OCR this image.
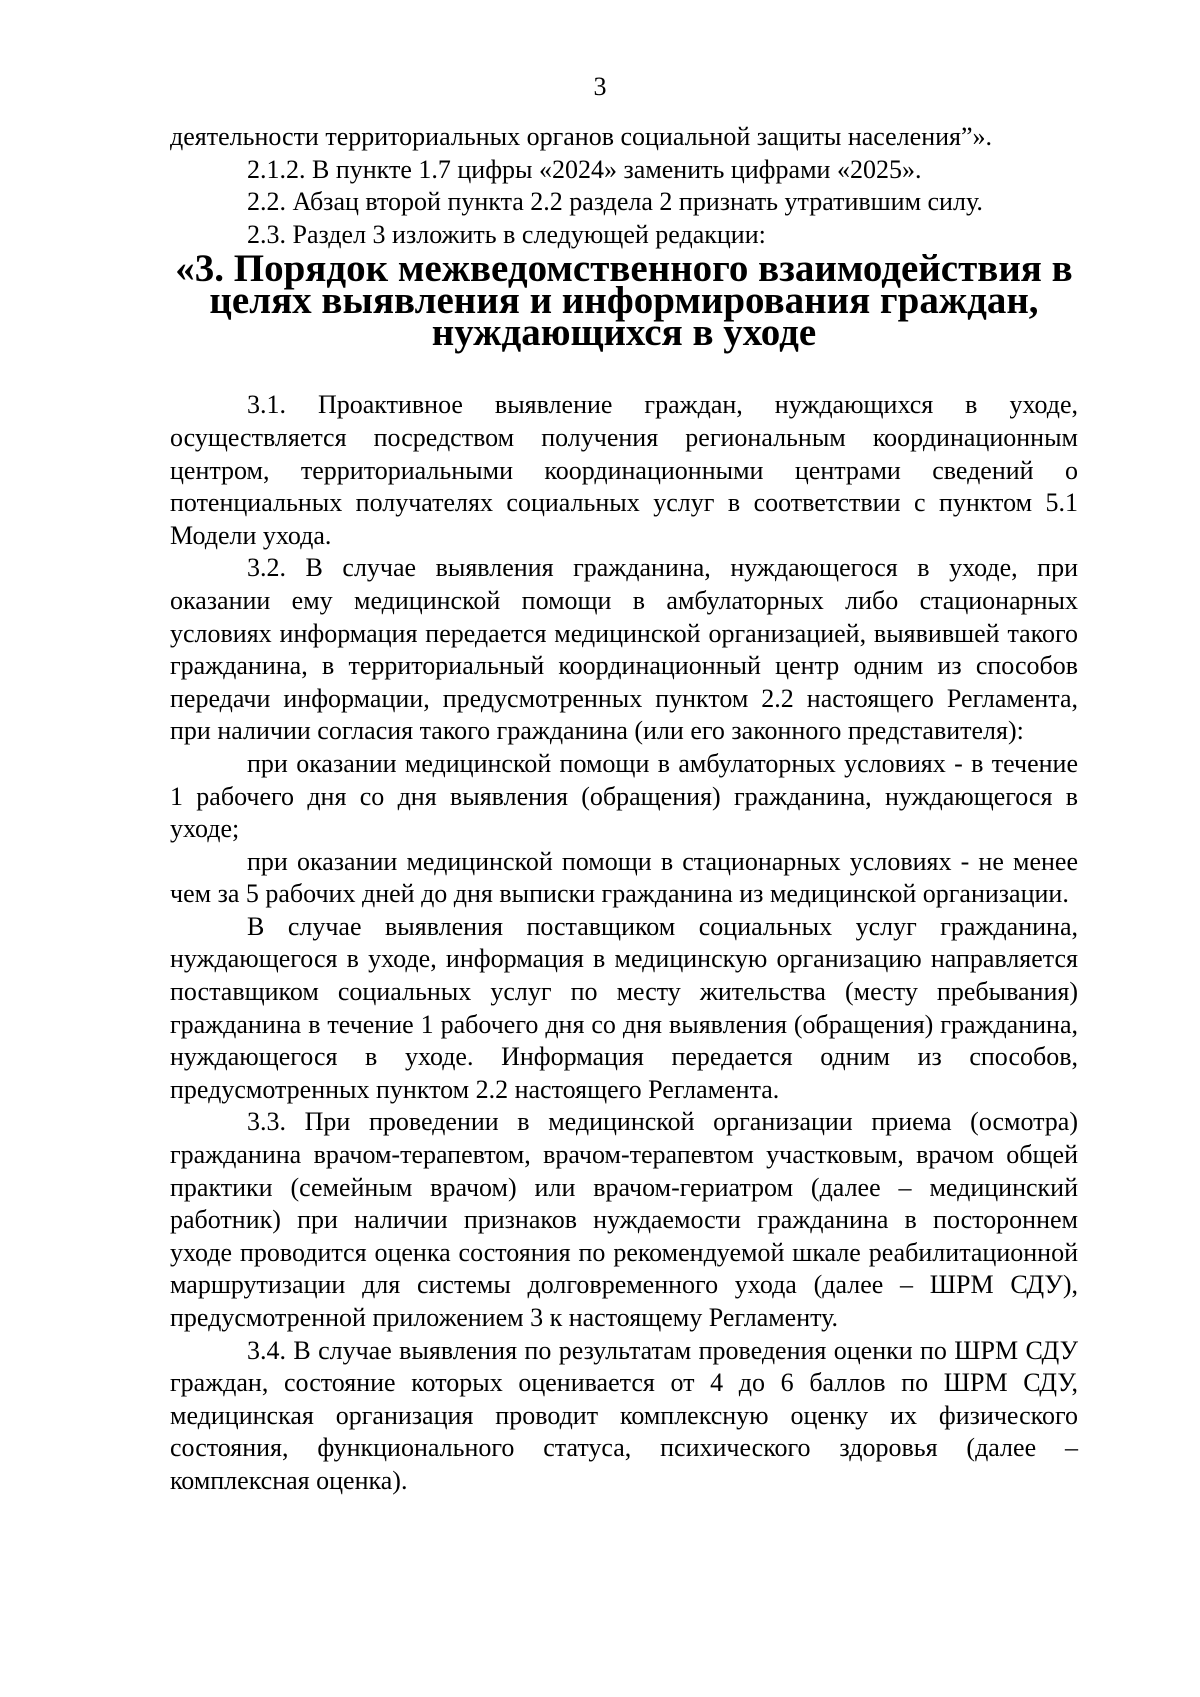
3

деятельности территориальных органов социальной защиты населения”».

2.1.2. В пункте 1.7 цифры «2024» заменить цифрами «2025».

2.2. Абзац второй пункта 2.2 раздела 2 признать утратившим силу.

2.3. Раздел 3 изложить в следующей редакции:

«3. Порядок межведомственного взаимодействия в целях выявления и информирования граждан, нуждающихся в уходе

3.1. Проактивное выявление граждан, нуждающихся в уходе, осуществляется посредством получения региональным координационным центром, территориальными координационными центрами сведений о потенциальных получателях социальных услуг в соответствии с пунктом 5.1 Модели ухода.

3.2. В случае выявления гражданина, нуждающегося в уходе, при оказании ему медицинской помощи в амбулаторных либо стационарных условиях информация передается медицинской организацией, выявившей такого гражданина, в территориальный координационный центр одним из способов передачи информации, предусмотренных пунктом 2.2 настоящего Регламента, при наличии согласия такого гражданина (или его законного представителя):

при оказании медицинской помощи в амбулаторных условиях - в течение 1 рабочего дня со дня выявления (обращения) гражданина, нуждающегося в уходе;

при оказании медицинской помощи в стационарных условиях - не менее чем за 5 рабочих дней до дня выписки гражданина из медицинской организации.

В случае выявления поставщиком социальных услуг гражданина, нуждающегося в уходе, информация в медицинскую организацию направляется поставщиком социальных услуг по месту жительства (месту пребывания) гражданина в течение 1 рабочего дня со дня выявления (обращения) гражданина, нуждающегося в уходе. Информация передается одним из способов, предусмотренных пунктом 2.2 настоящего Регламента.

3.3. При проведении в медицинской организации приема (осмотра) гражданина врачом-терапевтом, врачом-терапевтом участковым, врачом общей практики (семейным врачом) или врачом-гериатром (далее – медицинский работник) при наличии признаков нуждаемости гражданина в постороннем уходе проводится оценка состояния по рекомендуемой шкале реабилитационной маршрутизации для системы долговременного ухода (далее – ШРМ СДУ), предусмотренной приложением 3 к настоящему Регламенту.

3.4. В случае выявления по результатам проведения оценки по ШРМ СДУ граждан, состояние которых оценивается от 4 до 6 баллов по ШРМ СДУ, медицинская организация проводит комплексную оценку их физического состояния, функционального статуса, психического здоровья (далее – комплексная оценка).
